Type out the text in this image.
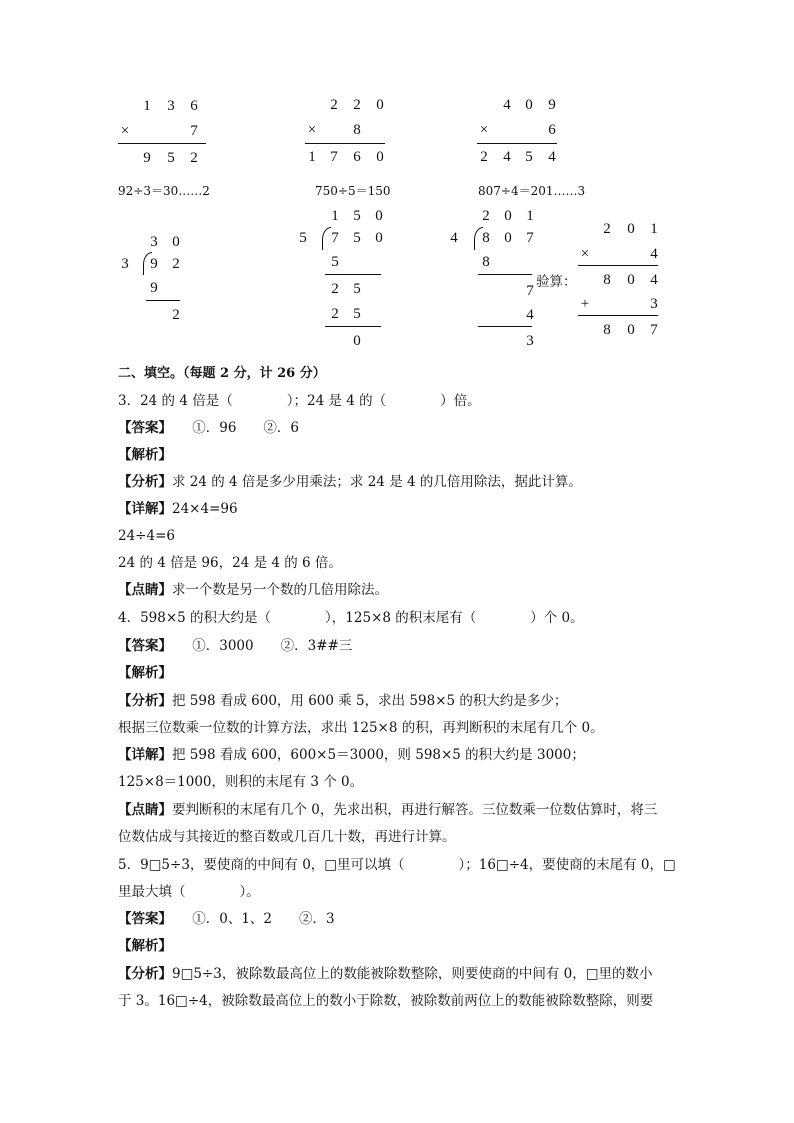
1 3 6
×	7
9 5 2
2 2 0
× 8
1 7 6 0
4 0 9
×	6
2 4 5 4
92÷3＝30……2	750÷5＝150	807÷4＝201……3
3 0
3 9 2
9
2
1 5 0
5 7 5 0
5
2 5
2 5
0
2 0 1
4 8 0 7
8
7
4
3
验算：
2 0 1
×	4
8 0 4
+	3
8 0 7
二、填空。（每题 2 分，计 26 分）
3．24 的 4 倍是（　　　　）；24 是 4 的（　　　　）倍。
【答案】　　①．96　　②．6
【解析】
【分析】求 24 的 4 倍是多少用乘法；求 24 是 4 的几倍用除法，据此计算。
【详解】24×4=96
24÷4=6
24 的 4 倍是 96，24 是 4 的 6 倍。
【点睛】求一个数是另一个数的几倍用除法。
4．598×5 的积大约是（　　　　），125×8 的积末尾有（　　　　）个 0。
【答案】　　①．3000　　②．3##三
【解析】
【分析】把 598 看成 600，用 600 乘 5，求出 598×5 的积大约是多少；
根据三位数乘一位数的计算方法，求出 125×8 的积，再判断积的末尾有几个 0。
【详解】把 598 看成 600，600×5＝3000，则 598×5 的积大约是 3000；
125×8＝1000，则积的末尾有 3 个 0。
【点睛】要判断积的末尾有几个 0，先求出积，再进行解答。三位数乘一位数估算时，将三
位数估成与其接近的整百数或几百几十数，再进行计算。
5．9□5÷3，要使商的中间有 0，□里可以填（　　　　）；16□÷4，要使商的末尾有 0，□
里最大填（　　　　）。
【答案】　　①．0、1、2　　②．3
【解析】
【分析】9□5÷3，被除数最高位上的数能被除数整除，则要使商的中间有 0，□里的数小
于 3。16□÷4，被除数最高位上的数小于除数，被除数前两位上的数能被除数整除，则要
